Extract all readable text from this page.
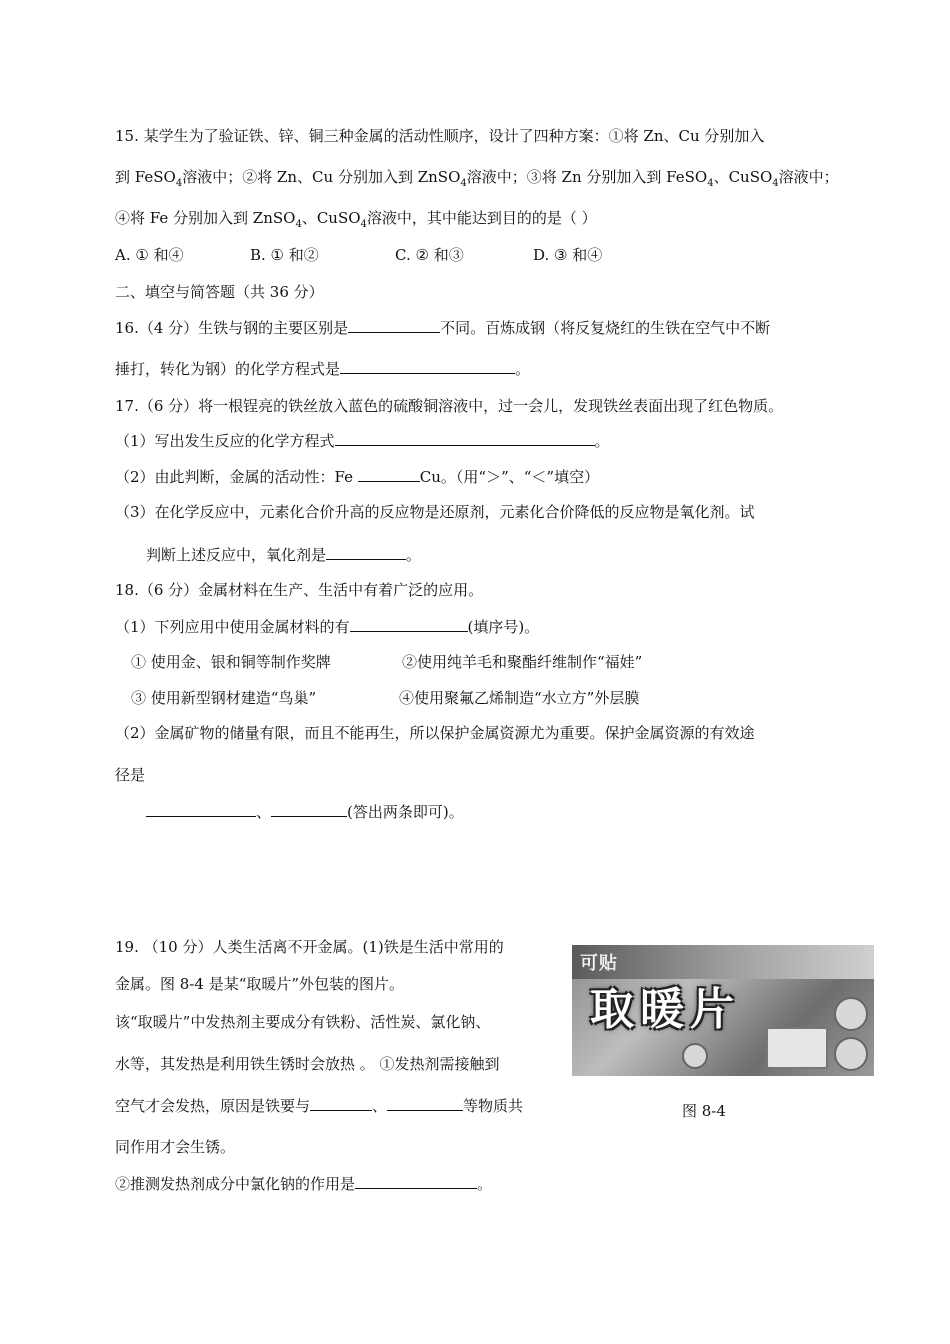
15. 某学生为了验证铁、锌、铜三种金属的活动性顺序，设计了四种方案：①将 Zn、Cu 分别加入
到 FeSO$_4$溶液中；②将 Zn、Cu 分别加入到 ZnSO$_4$溶液中；③将 Zn 分别加入到 FeSO$_4$、CuSO$_4$溶液中；
④将 Fe 分别加入到 ZnSO$_4$、CuSO$_4$溶液中，其中能达到目的的是（ ）
A. ① 和④	B. ① 和②	C. ② 和③	D. ③ 和④
二、填空与简答题（共 36 分）
16.（4 分）生铁与钢的主要区别是	不同。百炼成钢（将反复烧红的生铁在空气中不断
捶打，转化为钢）的化学方程式是	。
17.（6 分）将一根锃亮的铁丝放入蓝色的硫酸铜溶液中，过一会儿，发现铁丝表面出现了红色物质。
（1）写出发生反应的化学方程式	。
（2）由此判断，金属的活动性：Fe	Cu。（用“＞”、“＜”填空）
（3）在化学反应中，元素化合价升高的反应物是还原剂，元素化合价降低的反应物是氧化剂。试
判断上述反应中，氧化剂是	。
18.（6 分）金属材料在生产、生活中有着广泛的应用。
（1）下列应用中使用金属材料的有	(填序号)。
① 使用金、银和铜等制作奖牌	②使用纯羊毛和聚酯纤维制作“福娃”
③ 使用新型钢材建造“鸟巢”	④使用聚氟乙烯制造“水立方”外层膜
（2）金属矿物的储量有限，而且不能再生，所以保护金属资源尤为重要。保护金属资源的有效途
径是
、	(答出两条即可)。
19. （10 分）人类生活离不开金属。(1)铁是生活中常用的
金属。图 8-4 是某“取暖片”外包装的图片。
该“取暖片”中发热剂主要成分有铁粉、活性炭、氯化钠、
水等，其发热是利用铁生锈时会放热 。 ①发热剂需接触到
空气才会发热，原因是铁要与	、	等物质共
同作用才会生锈。
②推测发热剂成分中氯化钠的作用是	。
可贴
取暖片
图 8-4
